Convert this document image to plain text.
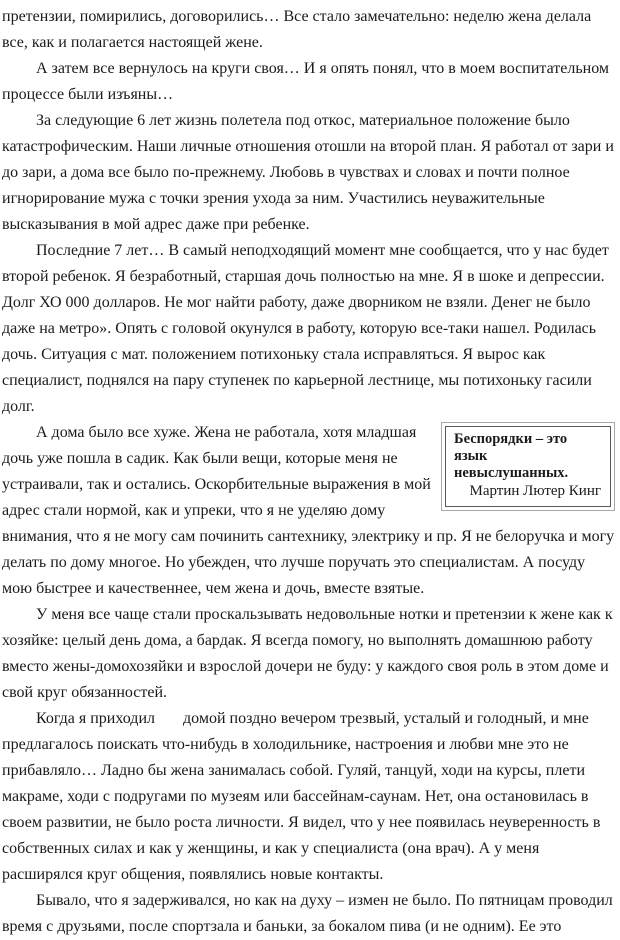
претензии, помирились, договорились… Все стало замечательно: неделю жена делала все, как и полагается настоящей жене.

А затем все вернулось на круги своя… И я опять понял, что в моем воспитательном процессе были изъяны…

За следующие 6 лет жизнь полетела под откос, материальное положение было катастрофическим. Наши личные отношения отошли на второй план. Я работал от зари и до зари, а дома все было по-прежнему. Любовь в чувствах и словах и почти полное игнорирование мужа с точки зрения ухода за ним. Участились неуважительные высказывания в мой адрес даже при ребенке.

Последние 7 лет… В самый неподходящий момент мне сообщается, что у нас будет второй ребенок. Я безработный, старшая дочь полностью на мне. Я в шоке и депрессии. Долг ХО 000 долларов. Не мог найти работу, даже дворником не взяли. Денег не было даже на метро». Опять с головой окунулся в работу, которую все-таки нашел. Родилась дочь. Ситуация с мат. положением потихоньку стала исправляться. Я вырос как специалист, поднялся на пару ступенек по карьерной лестнице, мы потихоньку гасили долг.

Беспорядки – это язык невыслушанных.
Мартин Лютер Кинг
А дома было все хуже. Жена не работала, хотя младшая дочь уже пошла в садик. Как были вещи, которые меня не устраивали, так и остались. Оскорбительные выражения в мой адрес стали нормой, как и упреки, что я не уделяю дому внимания, что я не могу сам починить сантехнику, электрику и пр. Я не белоручка и могу делать по дому многое. Но убежден, что лучше поручать это специалистам. А посуду мою быстрее и качественнее, чем жена и дочь, вместе взятые.

У меня все чаще стали проскальзывать недовольные нотки и претензии к жене как к хозяйке: целый день дома, а бардак. Я всегда помогу, но выполнять домашнюю работу вместо жены-домохозяйки и взрослой дочери не буду: у каждого своя роль в этом доме и свой круг обязанностей.

Когда я приходил       домой поздно вечером трезвый, усталый и голодный, и мне предлагалось поискать что-нибудь в холодильнике, настроения и любви мне это не прибавляло… Ладно бы жена занималась собой. Гуляй, танцуй, ходи на курсы, плети макраме, ходи с подругами по музеям или бассейнам-саунам. Нет, она остановилась в своем развитии, не было роста личности. Я видел, что у нее появилась неуверенность в собственных силах и как у женщины, и как у специалиста (она врач). А у меня расширялся круг общения, появлялись новые контакты.

Бывало, что я задерживался, но как на духу – измен не было. По пятницам проводил время с друзьями, после спортзала и баньки, за бокалом пива (и не одним). Ее это
